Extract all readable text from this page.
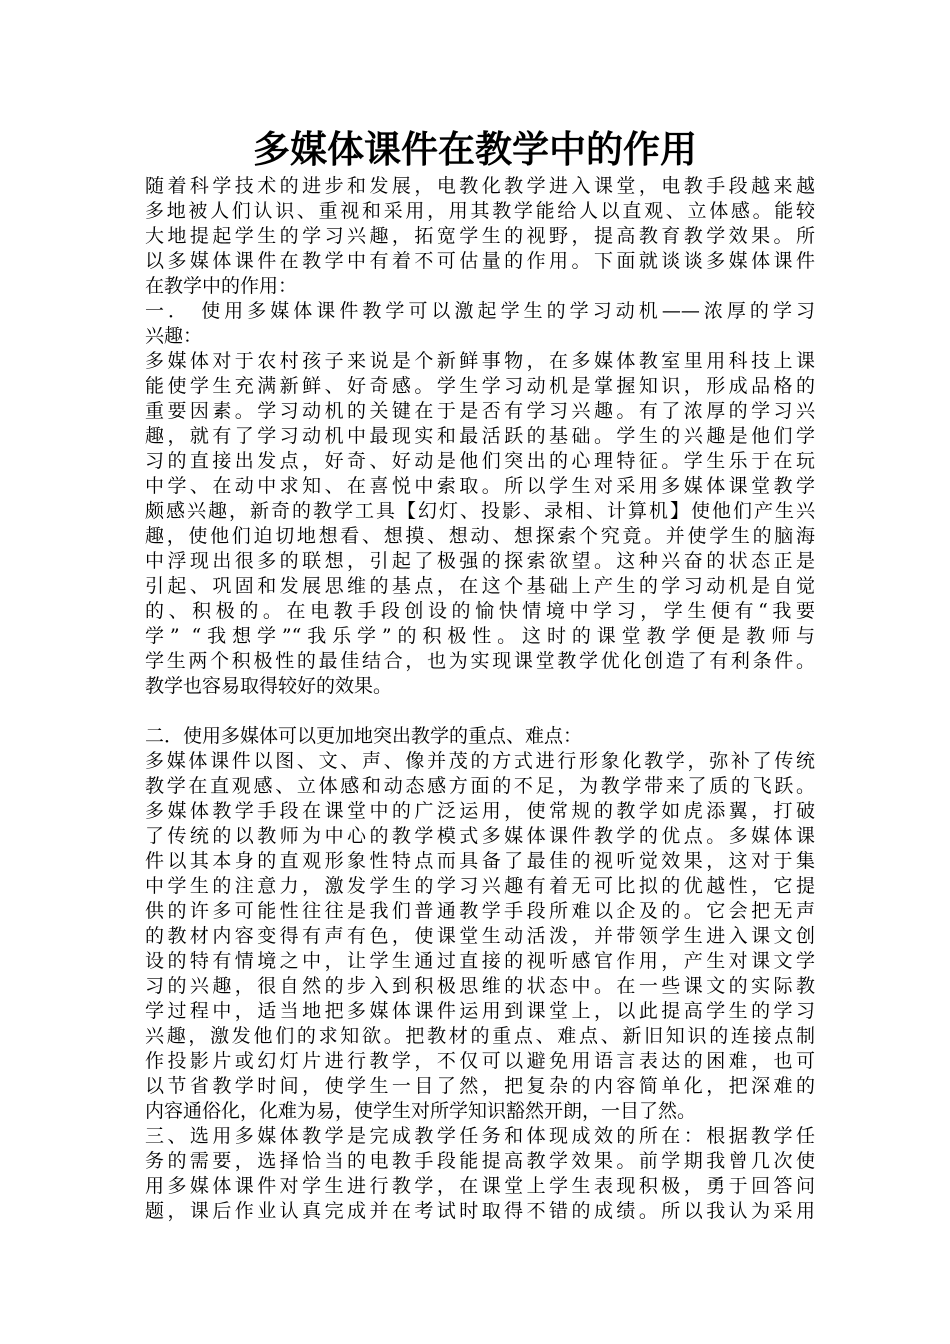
多媒体课件在教学中的作用
随着科学技术的进步和发展，电教化教学进入课堂，电教手段越来越
多地被人们认识、重视和采用，用其教学能给人以直观、立体感。能较
大地提起学生的学习兴趣，拓宽学生的视野，提高教育教学效果。所
以多媒体课件在教学中有着不可估量的作用。下面就谈谈多媒体课件
在教学中的作用：
一． 使用多媒体课件教学可以激起学生的学习动机——浓厚的学习
兴趣：
多媒体对于农村孩子来说是个新鲜事物，在多媒体教室里用科技上课
能使学生充满新鲜、好奇感。学生学习动机是掌握知识，形成品格的
重要因素。学习动机的关键在于是否有学习兴趣。有了浓厚的学习兴
趣，就有了学习动机中最现实和最活跃的基础。学生的兴趣是他们学
习的直接出发点，好奇、好动是他们突出的心理特征。学生乐于在玩
中学、在动中求知、在喜悦中索取。所以学生对采用多媒体课堂教学
颇感兴趣，新奇的教学工具【幻灯、投影、录相、计算机】使他们产生兴
趣，使他们迫切地想看、想摸、想动、想探索个究竟。并使学生的脑海
中浮现出很多的联想，引起了极强的探索欲望。这种兴奋的状态正是
引起、巩固和发展思维的基点，在这个基础上产生的学习动机是自觉
的、积极的。在电教手段创设的愉快情境中学习，学生便有“我要
学” “我想学”“我乐学”的积极性。这时的课堂教学便是教师与
学生两个积极性的最佳结合，也为实现课堂教学优化创造了有利条件。
教学也容易取得较好的效果。
二．使用多媒体可以更加地突出教学的重点、难点：
多媒体课件以图、文、声、像并茂的方式进行形象化教学，弥补了传统
教学在直观感、立体感和动态感方面的不足，为教学带来了质的飞跃。
多媒体教学手段在课堂中的广泛运用，使常规的教学如虎添翼，打破
了传统的以教师为中心的教学模式多媒体课件教学的优点。多媒体课
件以其本身的直观形象性特点而具备了最佳的视听觉效果，这对于集
中学生的注意力，激发学生的学习兴趣有着无可比拟的优越性，它提
供的许多可能性往往是我们普通教学手段所难以企及的。它会把无声
的教材内容变得有声有色，使课堂生动活泼，并带领学生进入课文创
设的特有情境之中，让学生通过直接的视听感官作用，产生对课文学
习的兴趣，很自然的步入到积极思维的状态中。在一些课文的实际教
学过程中，适当地把多媒体课件运用到课堂上，以此提高学生的学习
兴趣，激发他们的求知欲。把教材的重点、难点、新旧知识的连接点制
作投影片或幻灯片进行教学，不仅可以避免用语言表达的困难，也可
以节省教学时间，使学生一目了然，把复杂的内容简单化，把深难的
内容通俗化，化难为易，使学生对所学知识豁然开朗，一目了然。
三、选用多媒体教学是完成教学任务和体现成效的所在：根据教学任
务的需要，选择恰当的电教手段能提高教学效果。前学期我曾几次使
用多媒体课件对学生进行教学，在课堂上学生表现积极，勇于回答问
题，课后作业认真完成并在考试时取得不错的成绩。所以我认为采用
